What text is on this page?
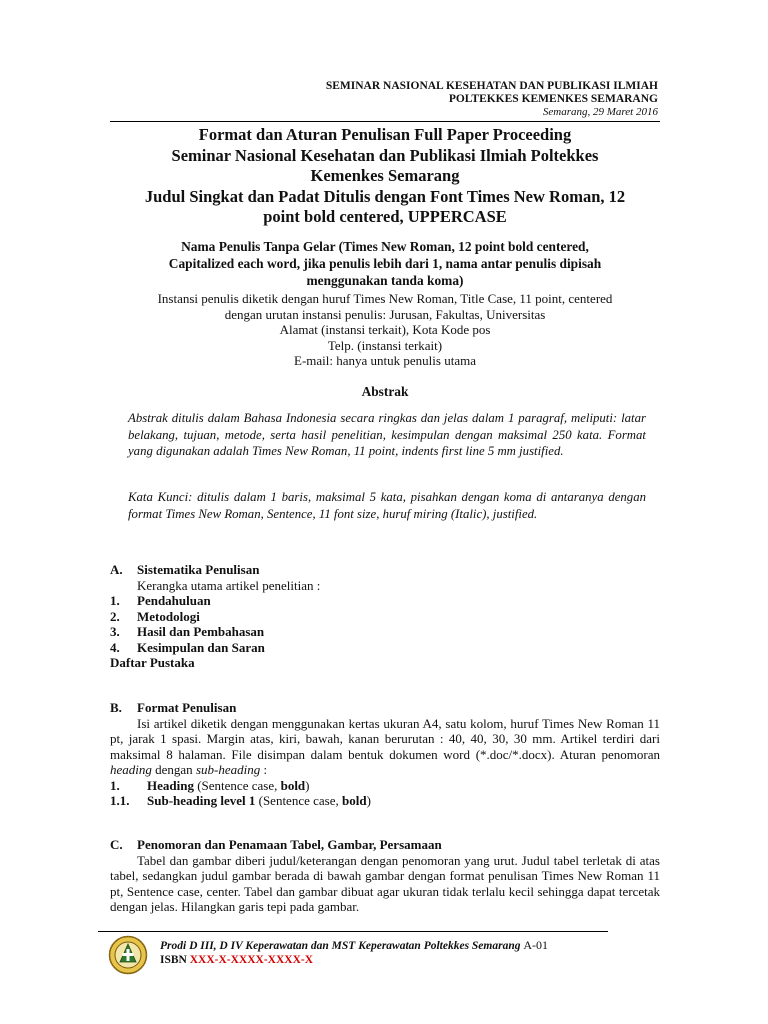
SEMINAR NASIONAL KESEHATAN DAN PUBLIKASI ILMIAH
POLTEKKES KEMENKES SEMARANG
Semarang, 29 Maret 2016
Format dan Aturan Penulisan Full Paper Proceeding
Seminar Nasional Kesehatan dan Publikasi Ilmiah Poltekkes
Kemenkes Semarang
Judul Singkat dan Padat Ditulis dengan Font Times New Roman, 12
point bold centered, UPPERCASE
Nama Penulis Tanpa Gelar (Times New Roman, 12 point bold centered,
Capitalized each word, jika penulis lebih dari 1, nama antar penulis dipisah
menggunakan tanda koma)
Instansi penulis diketik dengan huruf Times New Roman, Title Case, 11 point, centered
dengan urutan instansi penulis: Jurusan, Fakultas, Universitas
Alamat (instansi terkait), Kota Kode pos
Telp. (instansi terkait)
E-mail: hanya untuk penulis utama
Abstrak
Abstrak ditulis dalam Bahasa Indonesia secara ringkas dan jelas dalam 1 paragraf, meliputi: latar belakang, tujuan, metode, serta hasil penelitian, kesimpulan dengan maksimal 250 kata. Format yang digunakan adalah Times New Roman, 11 point, indents first line 5 mm justified.
Kata Kunci: ditulis dalam 1 baris, maksimal 5 kata, pisahkan dengan koma di antaranya dengan format Times New Roman, Sentence, 11 font size, huruf miring (Italic), justified.
A.	Sistematika Penulisan
Kerangka utama artikel penelitian :
1.	Pendahuluan
2.	Metodologi
3.	Hasil dan Pembahasan
4.	Kesimpulan dan Saran
Daftar Pustaka
B.	Format Penulisan
Isi artikel diketik dengan menggunakan kertas ukuran A4, satu kolom, huruf Times New Roman 11 pt, jarak 1 spasi. Margin atas, kiri, bawah, kanan berurutan : 40, 40, 30, 30 mm. Artikel terdiri dari maksimal 8 halaman. File disimpan dalam bentuk dokumen word (*.doc/*.docx). Aturan penomoran heading dengan sub-heading :
1.	Heading (Sentence case, bold)
1.1.	Sub-heading level 1 (Sentence case, bold)
C.	Penomoran dan Penamaan Tabel, Gambar, Persamaan
Tabel dan gambar diberi judul/keterangan dengan penomoran yang urut. Judul tabel terletak di atas tabel, sedangkan judul gambar berada di bawah gambar dengan format penulisan Times New Roman 11 pt, Sentence case, center. Tabel dan gambar dibuat agar ukuran tidak terlalu kecil sehingga dapat tercetak dengan jelas. Hilangkan garis tepi pada gambar.
Prodi D III, D IV Keperawatan dan MST Keperawatan Poltekkes Semarang A-01
ISBN XXX-X-XXXX-XXXX-X
